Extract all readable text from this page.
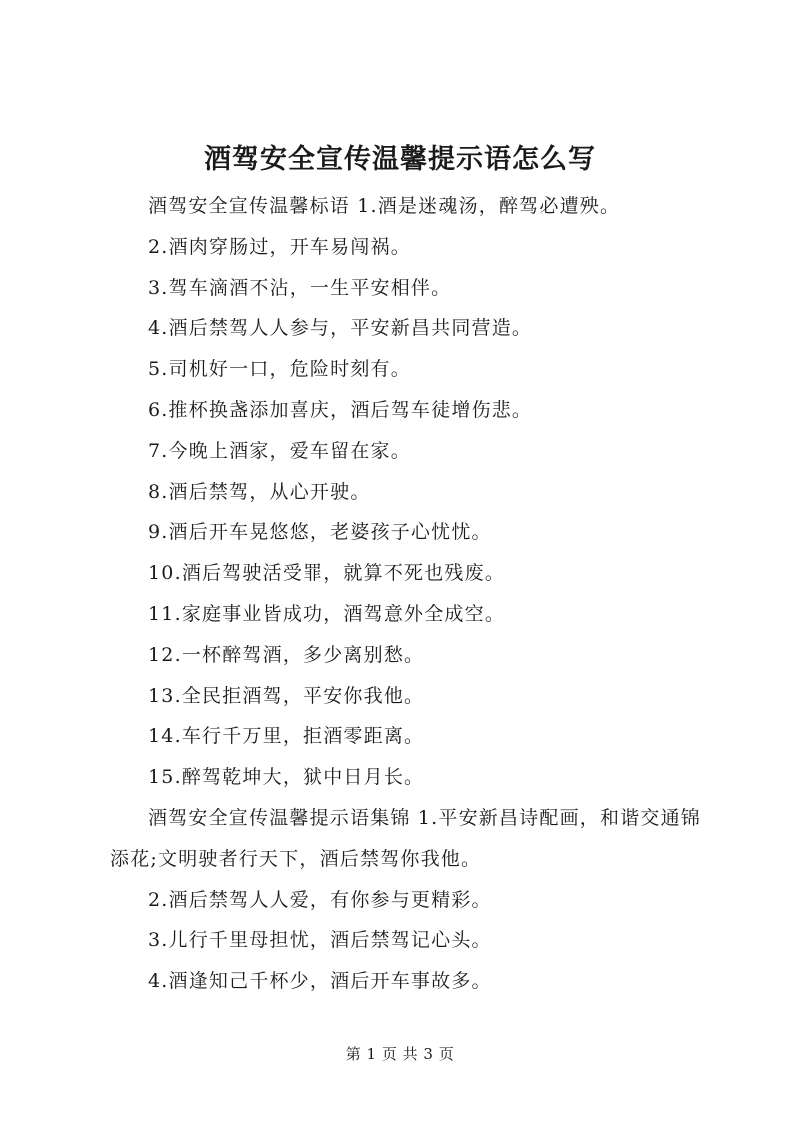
酒驾安全宣传温馨提示语怎么写

酒驾安全宣传温馨标语 1.酒是迷魂汤，醉驾必遭殃。

2.酒肉穿肠过，开车易闯祸。

3.驾车滴酒不沾，一生平安相伴。

4.酒后禁驾人人参与，平安新昌共同营造。

5.司机好一口，危险时刻有。

6.推杯换盏添加喜庆，酒后驾车徒增伤悲。

7.今晚上酒家，爱车留在家。

8.酒后禁驾，从心开驶。

9.酒后开车晃悠悠，老婆孩子心忧忧。

10.酒后驾驶活受罪，就算不死也残废。

11.家庭事业皆成功，酒驾意外全成空。

12.一杯醉驾酒，多少离别愁。

13.全民拒酒驾，平安你我他。

14.车行千万里，拒酒零距离。

15.醉驾乾坤大，狱中日月长。

酒驾安全宣传温馨提示语集锦 1.平安新昌诗配画，和谐交通锦添花;文明驶者行天下，酒后禁驾你我他。

2.酒后禁驾人人爱，有你参与更精彩。

3.儿行千里母担忧，酒后禁驾记心头。

4.酒逢知己千杯少，酒后开车事故多。

第 1 页 共 3 页
